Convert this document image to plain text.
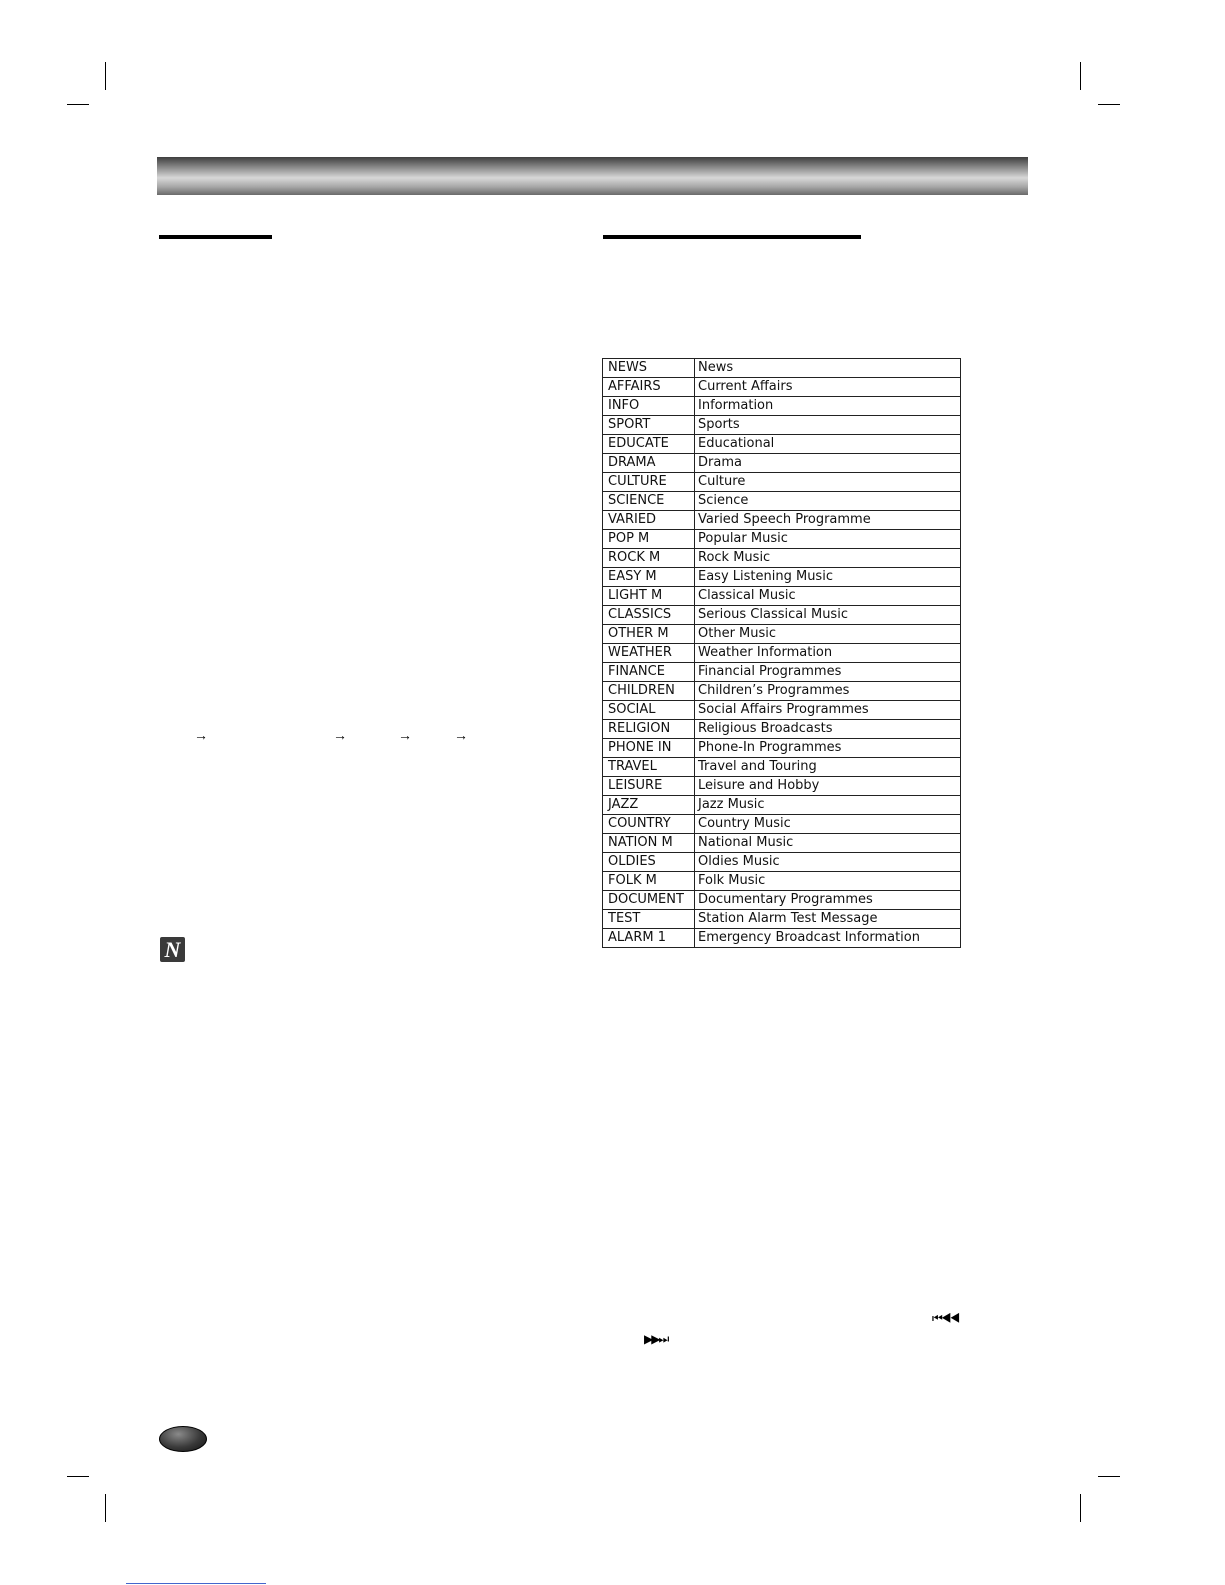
→	→	→	→
N
NEWS	News
AFFAIRS	Current Affairs
INFO	Information
SPORT	Sports
EDUCATE	Educational
DRAMA	Drama
CULTURE	Culture
SCIENCE	Science
VARIED	Varied Speech Programme
POP M	Popular Music
ROCK M	Rock Music
EASY M	Easy Listening Music
LIGHT M	Classical Music
CLASSICS	Serious Classical Music
OTHER M	Other Music
WEATHER	Weather Information
FINANCE	Financial Programmes
CHILDREN	Children’s Programmes
SOCIAL	Social Affairs Programmes
RELIGION	Religious Broadcasts
PHONE IN	Phone-In Programmes
TRAVEL	Travel and Touring
LEISURE	Leisure and Hobby
JAZZ	Jazz Music
COUNTRY	Country Music
NATION M	National Music
OLDIES	Oldies Music
FOLK M	Folk Music
DOCUMENT	Documentary Programmes
TEST	Station Alarm Test Message
ALARM 1	Emergency Broadcast Information
⏮◀◀
▶▶⏭
